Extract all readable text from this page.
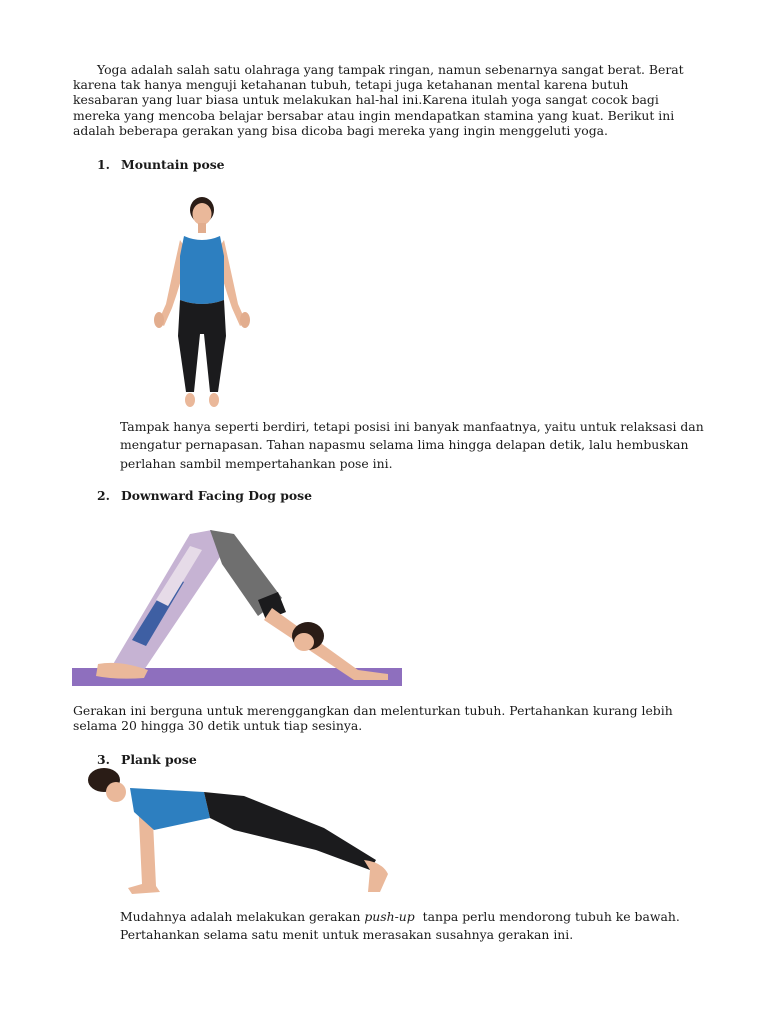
Yoga adalah salah satu olahraga yang tampak ringan, namun sebenarnya sangat berat. Berat karena tak hanya menguji ketahanan tubuh, tetapi juga ketahanan mental karena butuh kesabaran yang luar biasa untuk melakukan hal-hal ini.Karena itulah yoga sangat cocok bagi mereka yang mencoba belajar bersabar atau ingin mendapatkan stamina yang kuat. Berikut ini adalah beberapa gerakan yang bisa dicoba bagi mereka yang ingin menggeluti yoga.

1. Mountain pose

Tampak hanya seperti berdiri, tetapi posisi ini banyak manfaatnya, yaitu untuk relaksasi dan mengatur pernapasan. Tahan napasmu selama lima hingga delapan detik, lalu hembuskan perlahan sambil mempertahankan pose ini.

2. Downward Facing Dog pose

Gerakan ini berguna untuk merenggangkan dan melenturkan tubuh. Pertahankan kurang lebih selama 20 hingga 30 detik untuk tiap sesinya.

3. Plank pose

Mudahnya adalah melakukan gerakan push-up  tanpa perlu mendorong tubuh ke bawah. Pertahankan selama satu menit untuk merasakan susahnya gerakan ini.
